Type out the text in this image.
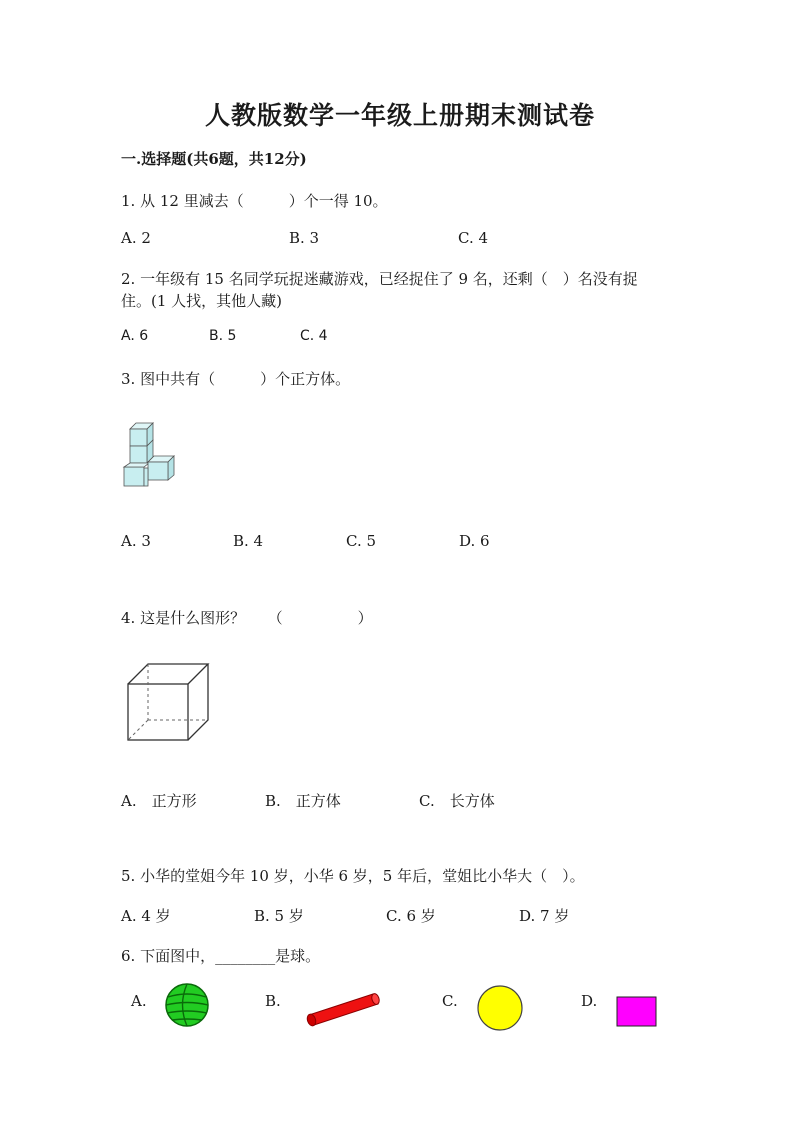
人教版数学一年级上册期末测试卷
一.选择题(共6题，共12分)
1. 从 12 里减去（　　　）个一得 10。
A. 2	B. 3	C. 4
2. 一年级有 15 名同学玩捉迷藏游戏，已经捉住了 9 名，还剩（　）名没有捉
住。(1 人找，其他人藏)
A. 6	B. 5	C. 4
3. 图中共有（　　　）个正方体。
A. 3	B. 4	C. 5	D. 6
4. 这是什么图形？　　（　　　　　）
A.　正方形	B.　正方体	C.　长方体
5. 小华的堂姐今年 10 岁，小华 6 岁，5 年后，堂姐比小华大（　）。
A. 4 岁	B. 5 岁	C. 6 岁	D. 7 岁
6. 下面图中，________是球。
A.	B.	C.	D.
